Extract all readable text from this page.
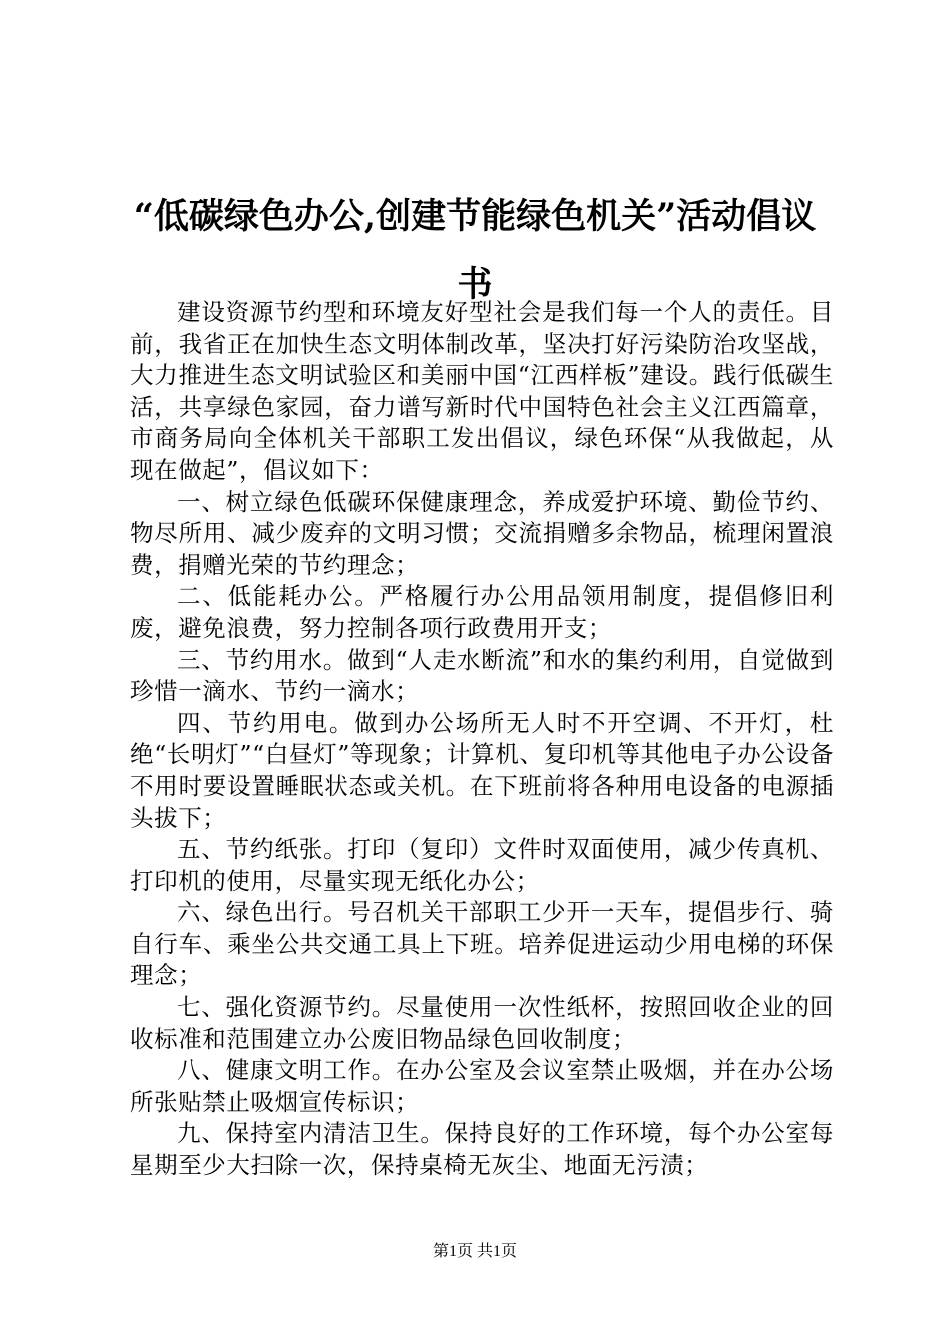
“低碳绿色办公,创建节能绿色机关”活动倡议书

建设资源节约型和环境友好型社会是我们每一个人的责任。目前，我省正在加快生态文明体制改革，坚决打好污染防治攻坚战，大力推进生态文明试验区和美丽中国“江西样板”建设。践行低碳生活，共享绿色家园，奋力谱写新时代中国特色社会主义江西篇章，市商务局向全体机关干部职工发出倡议，绿色环保“从我做起，从现在做起”，倡议如下：

一、树立绿色低碳环保健康理念，养成爱护环境、勤俭节约、物尽所用、减少废弃的文明习惯；交流捐赠多余物品，梳理闲置浪费，捐赠光荣的节约理念；

二、低能耗办公。严格履行办公用品领用制度，提倡修旧利废，避免浪费，努力控制各项行政费用开支；

三、节约用水。做到“人走水断流”和水的集约利用，自觉做到珍惜一滴水、节约一滴水；

四、节约用电。做到办公场所无人时不开空调、不开灯，杜绝“长明灯”“白昼灯”等现象；计算机、复印机等其他电子办公设备不用时要设置睡眠状态或关机。在下班前将各种用电设备的电源插头拔下；

五、节约纸张。打印（复印）文件时双面使用，减少传真机、打印机的使用，尽量实现无纸化办公；

六、绿色出行。号召机关干部职工少开一天车，提倡步行、骑自行车、乘坐公共交通工具上下班。培养促进运动少用电梯的环保理念；

七、强化资源节约。尽量使用一次性纸杯，按照回收企业的回收标准和范围建立办公废旧物品绿色回收制度；

八、健康文明工作。在办公室及会议室禁止吸烟，并在办公场所张贴禁止吸烟宣传标识；

九、保持室内清洁卫生。保持良好的工作环境，每个办公室每星期至少大扫除一次，保持桌椅无灰尘、地面无污渍；

第1页 共1页
